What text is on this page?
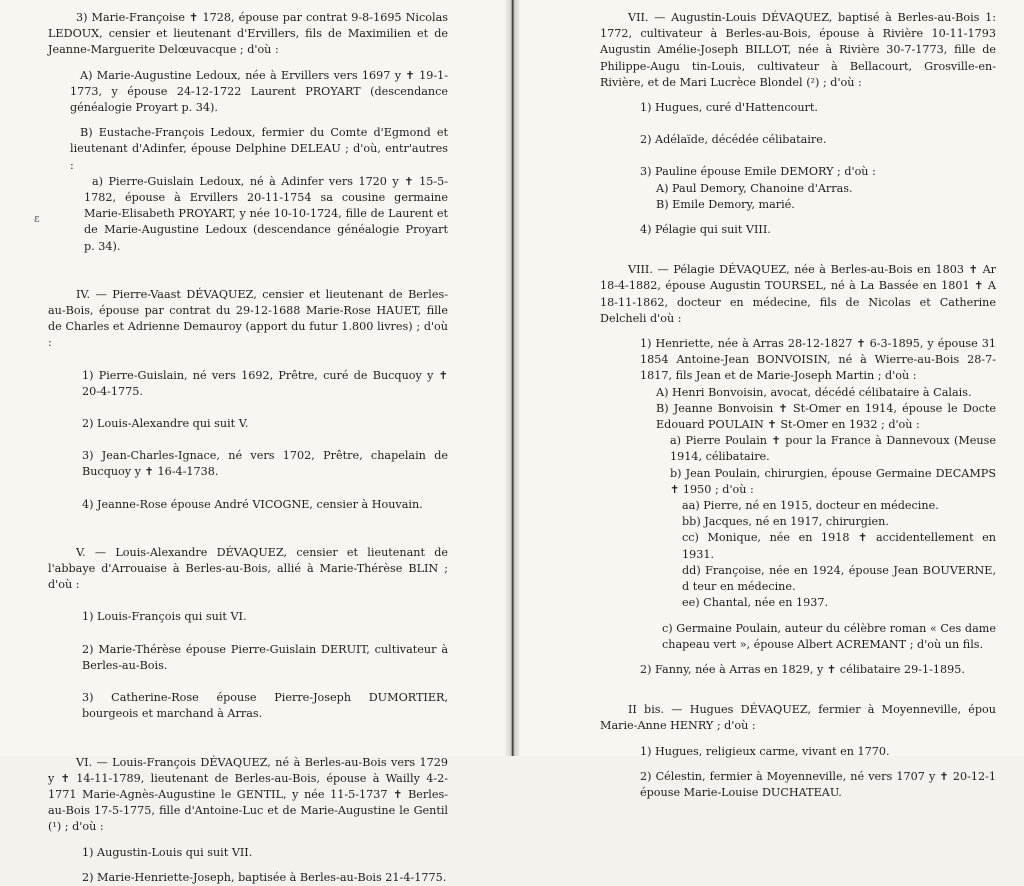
ɛ

3) Marie-Françoise ✝ 1728, épouse par contrat 9-8-1695 Nicolas LEDOUX, censier et lieutenant d'Ervillers, fils de Maximilien et de Jeanne-Marguerite Delœuvacque ; d'où :

A) Marie-Augustine Ledoux, née à Ervillers vers 1697 y ✝ 19-1-1773, y épouse 24-12-1722 Laurent PROYART (descendance généalogie Proyart p. 34).

B) Eustache-François Ledoux, fermier du Comte d'Egmond et lieutenant d'Adinfer, épouse Delphine DELEAU ; d'où, entr'autres :

a) Pierre-Guislain Ledoux, né à Adinfer vers 1720 y ✝ 15-5-1782, épouse à Ervillers 20-11-1754 sa cousine germaine Marie-Elisabeth PROYART, y née 10-10-1724, fille de Laurent et de Marie-Augustine Ledoux (descendance généalogie Proyart p. 34).

IV. — Pierre-Vaast DÉVAQUEZ, censier et lieutenant de Berles-au-Bois, épouse par contrat du 29-12-1688 Marie-Rose HAUET, fille de Charles et Adrienne Demauroy (apport du futur 1.800 livres) ; d'où :

1) Pierre-Guislain, né vers 1692, Prêtre, curé de Bucquoy y ✝ 20-4-1775.

2) Louis-Alexandre qui suit V.

3) Jean-Charles-Ignace, né vers 1702, Prêtre, chapelain de Bucquoy y ✝ 16-4-1738.

4) Jeanne-Rose épouse André VICOGNE, censier à Houvain.

V. — Louis-Alexandre DÉVAQUEZ, censier et lieutenant de l'abbaye d'Arrouaise à Berles-au-Bois, allié à Marie-Thérèse BLIN ; d'où :

1) Louis-François qui suit VI.

2) Marie-Thérèse épouse Pierre-Guislain DERUIT, cultivateur à Berles-au-Bois.

3) Catherine-Rose épouse Pierre-Joseph DUMORTIER, bourgeois et marchand à Arras.

VI. — Louis-François DÉVAQUEZ, né à Berles-au-Bois vers 1729 y ✝ 14-11-1789, lieutenant de Berles-au-Bois, épouse à Wailly 4-2-1771 Marie-Agnès-Augustine le GENTIL, y née 11-5-1737 ✝ Berles-au-Bois 17-5-1775, fille d'Antoine-Luc et de Marie-Augustine le Gentil (¹) ; d'où :

1) Augustin-Louis qui suit VII.

2) Marie-Henriette-Joseph, baptisée à Berles-au-Bois 21-4-1775.

VII. — Augustin-Louis DÉVAQUEZ, baptisé à Berles-au-Bois 1: 1772, cultivateur à Berles-au-Bois, épouse à Rivière 10-11-1793 Augustin Amélie-Joseph BILLOT, née à Rivière 30-7-1773, fille de Philippe-Augu tin-Louis, cultivateur à Bellacourt, Grosville-en-Rivière, et de Mari Lucrèce Blondel (²) ; d'où :

1) Hugues, curé d'Hattencourt.

2) Adélaïde, décédée célibataire.

3) Pauline épouse Emile DEMORY ; d'où :

A) Paul Demory, Chanoine d'Arras.

B) Emile Demory, marié.

4) Pélagie qui suit VIII.

VIII. — Pélagie DÉVAQUEZ, née à Berles-au-Bois en 1803 ✝ Ar 18-4-1882, épouse Augustin TOURSEL, né à La Bassée en 1801 ✝ A 18-11-1862, docteur en médecine, fils de Nicolas et Catherine Delcheli d'où :

1) Henriette, née à Arras 28-12-1827 ✝ 6-3-1895, y épouse 31 1854 Antoine-Jean BONVOISIN, né à Wierre-au-Bois 28-7-1817, fils Jean et de Marie-Joseph Martin ; d'où :

A) Henri Bonvoisin, avocat, décédé célibataire à Calais.

B) Jeanne Bonvoisin ✝ St-Omer en 1914, épouse le Docte Edouard POULAIN ✝ St-Omer en 1932 ; d'où :

a) Pierre Poulain ✝ pour la France à Dannevoux (Meuse 1914, célibataire.

b) Jean Poulain, chirurgien, épouse Germaine DECAMPS ✝ 1950 ; d'où :

aa) Pierre, né en 1915, docteur en médecine.

bb) Jacques, né en 1917, chirurgien.

cc) Monique, née en 1918 ✝ accidentellement en 1931.

dd) Françoise, née en 1924, épouse Jean BOUVERNE, d teur en médecine.

ee) Chantal, née en 1937.

c) Germaine Poulain, auteur du célèbre roman « Ces dame chapeau vert », épouse Albert ACREMANT ; d'où un fils.

2) Fanny, née à Arras en 1829, y ✝ célibataire 29-1-1895.

II bis. — Hugues DÉVAQUEZ, fermier à Moyenneville, épou Marie-Anne HENRY ; d'où :

1) Hugues, religieux carme, vivant en 1770.

2) Célestin, fermier à Moyenneville, né vers 1707 y ✝ 20-12-1 épouse Marie-Louise DUCHATEAU.
